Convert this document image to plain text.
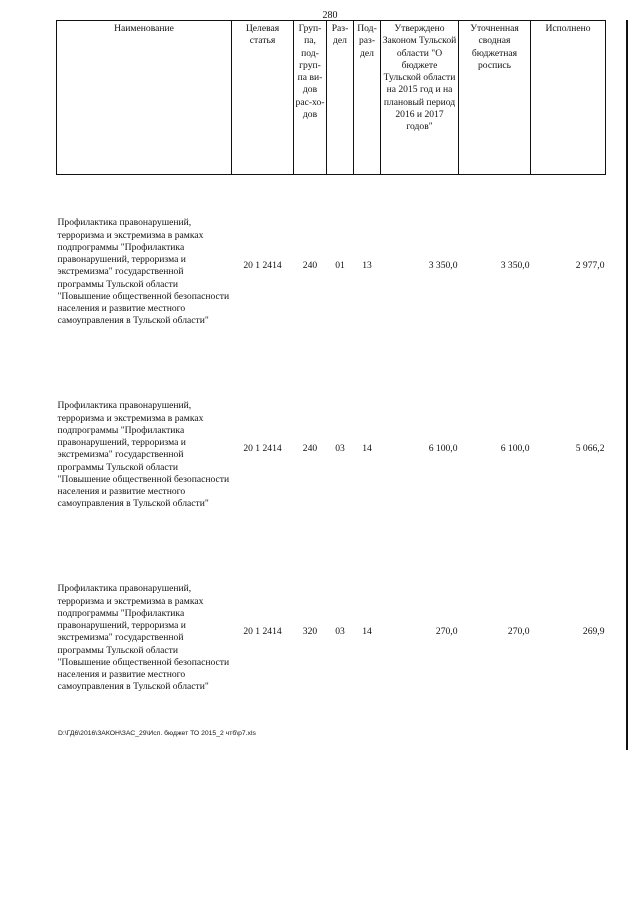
280
Наименование	Целевая статья	Груп-па, под-груп-па ви-дов рас-хо-дов	Раз-дел	Под-раз-дел	Утверждено Законом Тульской области "О бюджете Тульской области на 2015 год и на плановый период 2016 и 2017 годов"	Уточненная сводная бюджетная роспись	Исполнено

Профилактика правонарушений, терроризма и экстремизма в рамках подпрограммы "Профилактика правонарушений, терроризма и экстремизма" государственной программы Тульской области "Повышение общественной безопасности населения и развитие местного самоуправления в Тульской области"	20 1 2414	240	01	13	3 350,0	3 350,0	2 977,0

Профилактика правонарушений, терроризма и экстремизма в рамках подпрограммы "Профилактика правонарушений, терроризма и экстремизма" государственной программы Тульской области "Повышение общественной безопасности населения и развитие местного самоуправления в Тульской области"	20 1 2414	240	03	14	6 100,0	6 100,0	5 066,2

Профилактика правонарушений, терроризма и экстремизма в рамках подпрограммы "Профилактика правонарушений, терроризма и экстремизма" государственной программы Тульской области "Повышение общественной безопасности населения и развитие местного самоуправления в Тульской области"	20 1 2414	320	03	14	270,0	270,0	269,9
D:\ГД6\2016\ЗАКОН\ЗАС_29\Исп. бюджет ТО 2015_2 чтб\р7.xls
